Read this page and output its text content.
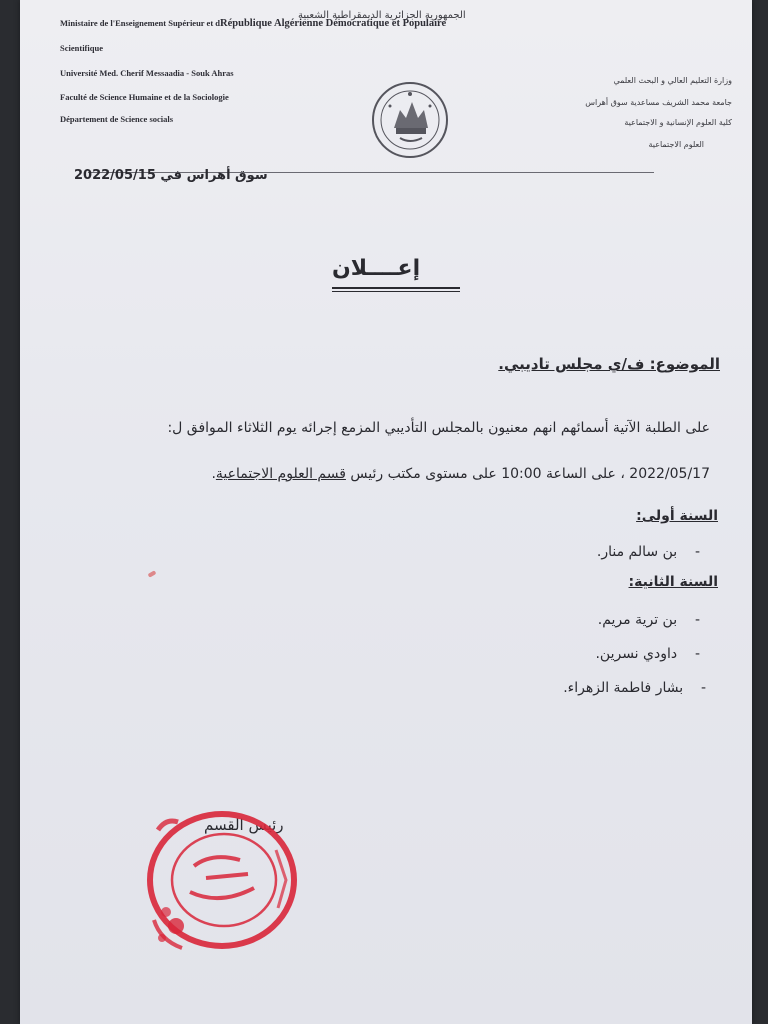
Ministaire de l'Enseignement Supérieur et dRépublique Algérienne Démocratique et Populaire
Scientifique
Université Med. Cherif Messaadia - Souk Ahras
Faculté de Science Humaine et de la Sociologie
Département de Science socials
الجمهورية الجزائرية الديمقراطية الشعبية
وزارة التعليم العالي و البحث العلمي
جامعة محمد الشريف مساعدية سوق أهراس
كلية العلوم الإنسانية و الاجتماعية
العلوم الاجتماعية
سوق أهراس في 2022/05/15
إعــــلان
الموضوع: ف/ي مجلس تاديبي.
على الطلبة الآتية أسمائهم انهم معنيون بالمجلس التأديبي المزمع إجرائه يوم الثلاثاء الموافق ل:
2022/05/17 ، على الساعة 10:00 على مستوى مكتب رئيس قسم العلوم الاجتماعية.
السنة أولى:
-    بن سالم منار.
السنة الثانية:
-    بن ترية مريم.
-    داودي نسرين.
-    بشار فاطمة الزهراء.
رئيس القسم
